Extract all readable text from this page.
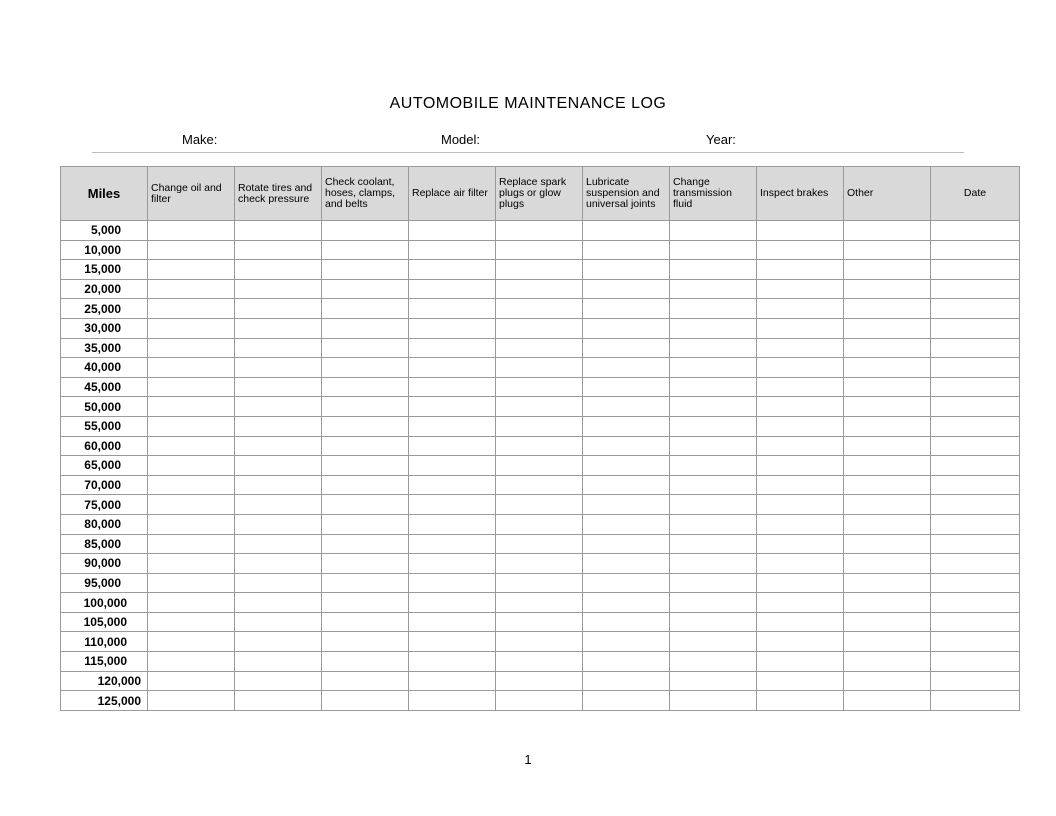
AUTOMOBILE MAINTENANCE LOG
Make:	Model:	Year:
Miles	Change oil and filter	Rotate tires and check pressure	Check coolant, hoses, clamps, and belts	Replace air filter	Replace spark plugs or glow plugs	Lubricate suspension and universal joints	Change transmission fluid	Inspect brakes	Other	Date
5,000										
10,000										
15,000										
20,000										
25,000										
30,000										
35,000										
40,000										
45,000										
50,000										
55,000										
60,000										
65,000										
70,000										
75,000										
80,000										
85,000										
90,000										
95,000										
100,000										
105,000										
110,000										
115,000										
120,000										
125,000										
1
